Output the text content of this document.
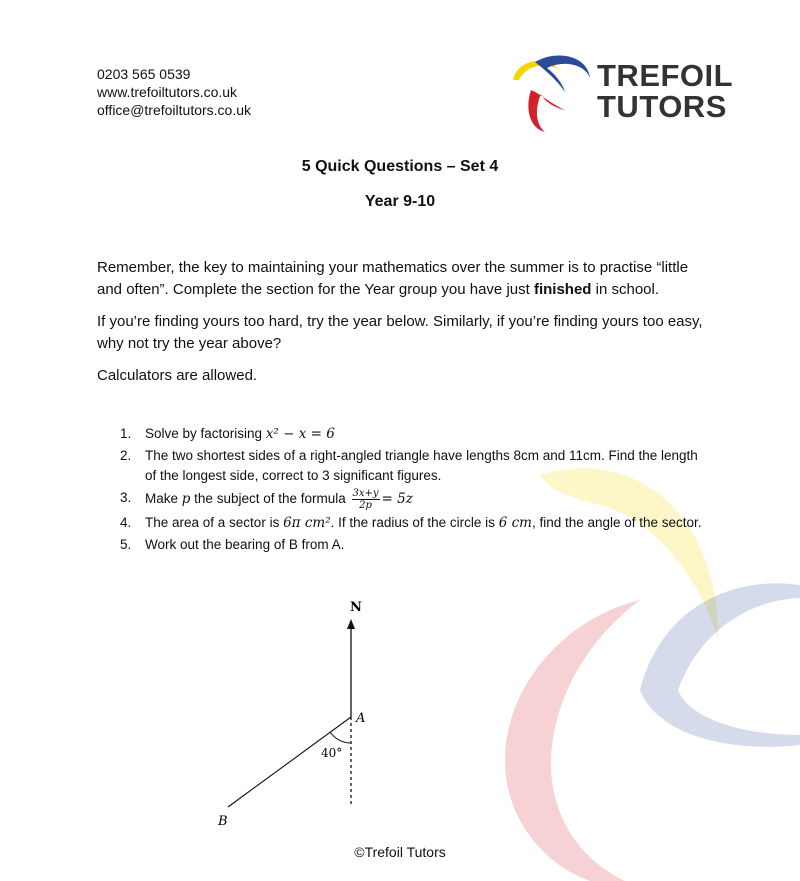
0203 565 0539
www.trefoiltutors.co.uk
office@trefoiltutors.co.uk
TREFOIL
TUTORS
5 Quick Questions – Set 4
Year 9-10
Remember, the key to maintaining your mathematics over the summer is to practise “little and often”. Complete the section for the Year group you have just finished in school.
If you’re finding yours too hard, try the year below. Similarly, if you’re finding yours too easy, why not try the year above?
Calculators are allowed.
1. Solve by factorising x² − x = 6
2. The two shortest sides of a right-angled triangle have lengths 8cm and 11cm. Find the length of the longest side, correct to 3 significant figures.
3. Make p the subject of the formula $\frac{3x+y}{2p} = 5z$
4. The area of a sector is 6π cm². If the radius of the circle is 6 cm, find the angle of the sector.
5. Work out the bearing of B from A.
N
A
B
40°
©Trefoil Tutors
